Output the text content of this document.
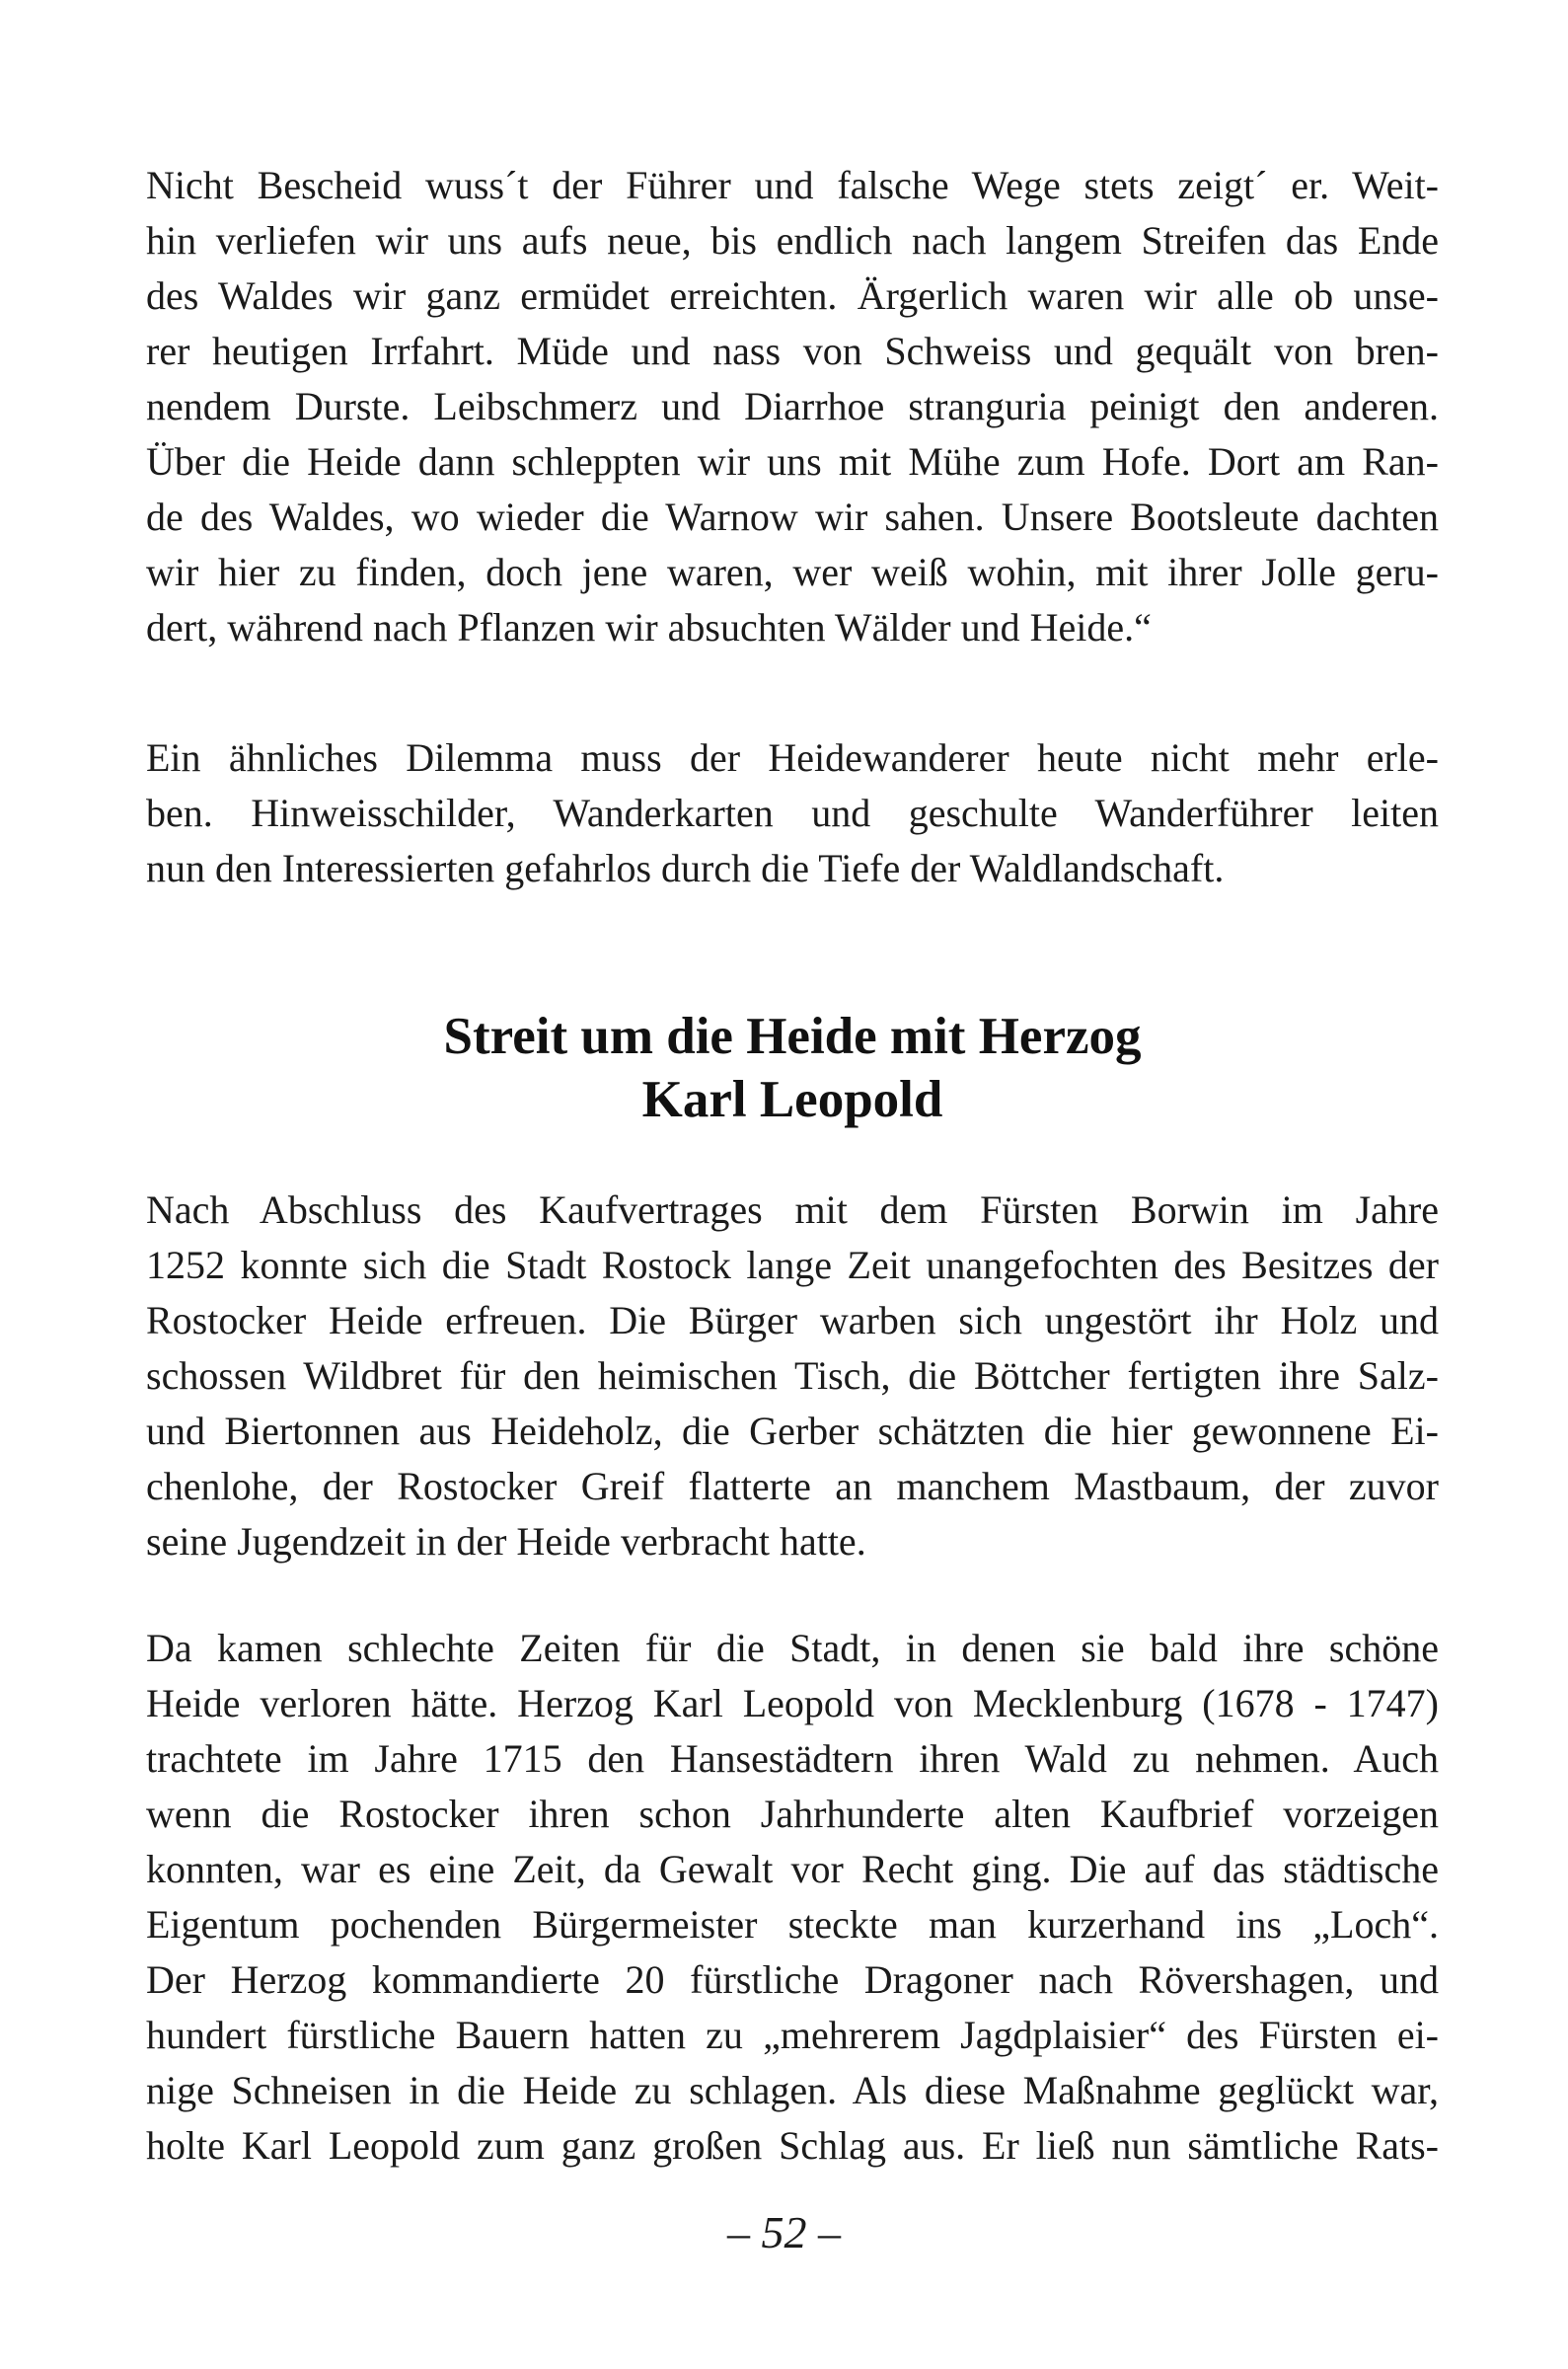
Nicht Bescheid wuss´t der Führer und falsche Wege stets zeigt´ er. Weit-
hin verliefen wir uns aufs neue, bis endlich nach langem Streifen das Ende
des Waldes wir ganz ermüdet erreichten. Ärgerlich waren wir alle ob unse-
rer heutigen Irrfahrt. Müde und nass von Schweiss und gequält von bren-
nendem Durste. Leibschmerz und Diarrhoe stranguria peinigt den anderen.
Über die Heide dann schleppten wir uns mit Mühe zum Hofe. Dort am Ran-
de des Waldes, wo wieder die Warnow wir sahen. Unsere Bootsleute dachten
wir hier zu finden, doch jene waren, wer weiß wohin, mit ihrer Jolle geru-
dert, während nach Pflanzen wir absuchten Wälder und Heide.“
Ein ähnliches Dilemma muss der Heidewanderer heute nicht mehr erle-
ben. Hinweisschilder, Wanderkarten und geschulte Wanderführer leiten
nun den Interessierten gefahrlos durch die Tiefe der Waldlandschaft.
Streit um die Heide mit Herzog
Karl Leopold
Nach Abschluss des Kaufvertrages mit dem Fürsten Borwin im Jahre
1252 konnte sich die Stadt Rostock lange Zeit unangefochten des Besitzes der
Rostocker Heide erfreuen. Die Bürger warben sich ungestört ihr Holz und
schossen Wildbret für den heimischen Tisch, die Böttcher fertigten ihre Salz-
und Biertonnen aus Heideholz, die Gerber schätzten die hier gewonnene Ei-
chenlohe, der Rostocker Greif flatterte an manchem Mastbaum, der zuvor
seine Jugendzeit in der Heide verbracht hatte.
Da kamen schlechte Zeiten für die Stadt, in denen sie bald ihre schöne
Heide verloren hätte. Herzog Karl Leopold von Mecklenburg (1678 - 1747)
trachtete im Jahre 1715 den Hansestädtern ihren Wald zu nehmen. Auch
wenn die Rostocker ihren schon Jahrhunderte alten Kaufbrief vorzeigen
konnten, war es eine Zeit, da Gewalt vor Recht ging. Die auf das städtische
Eigentum pochenden Bürgermeister steckte man kurzerhand ins „Loch“.
Der Herzog kommandierte 20 fürstliche Dragoner nach Rövershagen, und
hundert fürstliche Bauern hatten zu „mehrerem Jagdplaisier“ des Fürsten ei-
nige Schneisen in die Heide zu schlagen. Als diese Maßnahme geglückt war,
holte Karl Leopold zum ganz großen Schlag aus. Er ließ nun sämtliche Rats-
– 52 –
